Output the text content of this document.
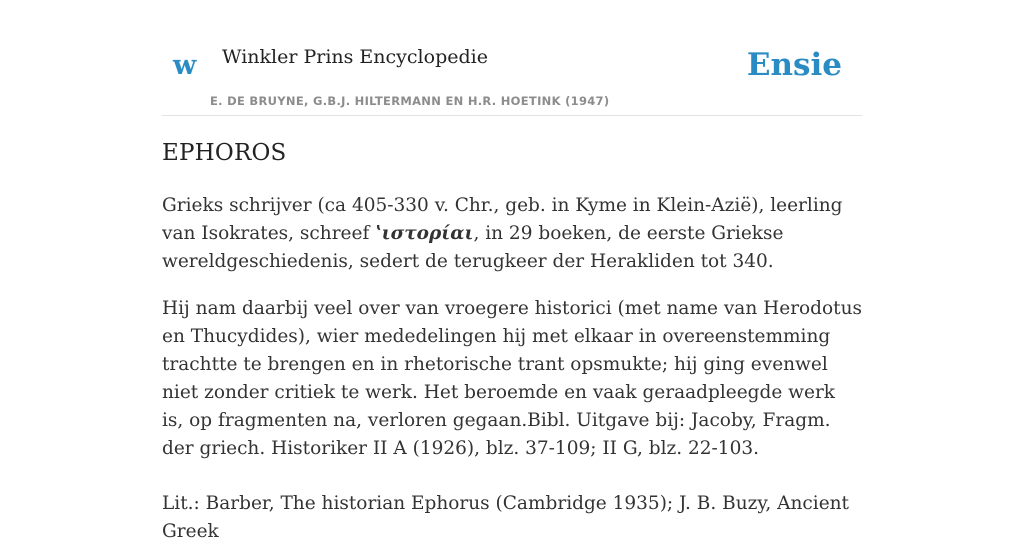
w Winkler Prins Encyclopedie
E. DE BRUYNE, G.B.J. HILTERMANN EN H.R. HOETINK (1947)
Ensie
EPHOROS

Grieks schrijver (ca 405-330 v. Chr., geb. in Kyme in Klein-Azië), leerling van Isokrates, schreef ʽιστορίαι, in 29 boeken, de eerste Griekse wereldgeschiedenis, sedert de terugkeer der Herakliden tot 340.

Hij nam daarbij veel over van vroegere historici (met name van Herodotus en Thucydides), wier mededelingen hij met elkaar in overeenstemming trachtte te brengen en in rhetorische trant opsmukte; hij ging evenwel niet zonder critiek te werk. Het beroemde en vaak geraadpleegde werk is, op fragmenten na, verloren gegaan.Bibl. Uitgave bij: Jacoby, Fragm. der griech. Historiker II A (1926), blz. 37-109; II G, blz. 22-103.

Lit.: Barber, The historian Ephorus (Cambridge 1935); J. B. Buzy, Ancient Greek
